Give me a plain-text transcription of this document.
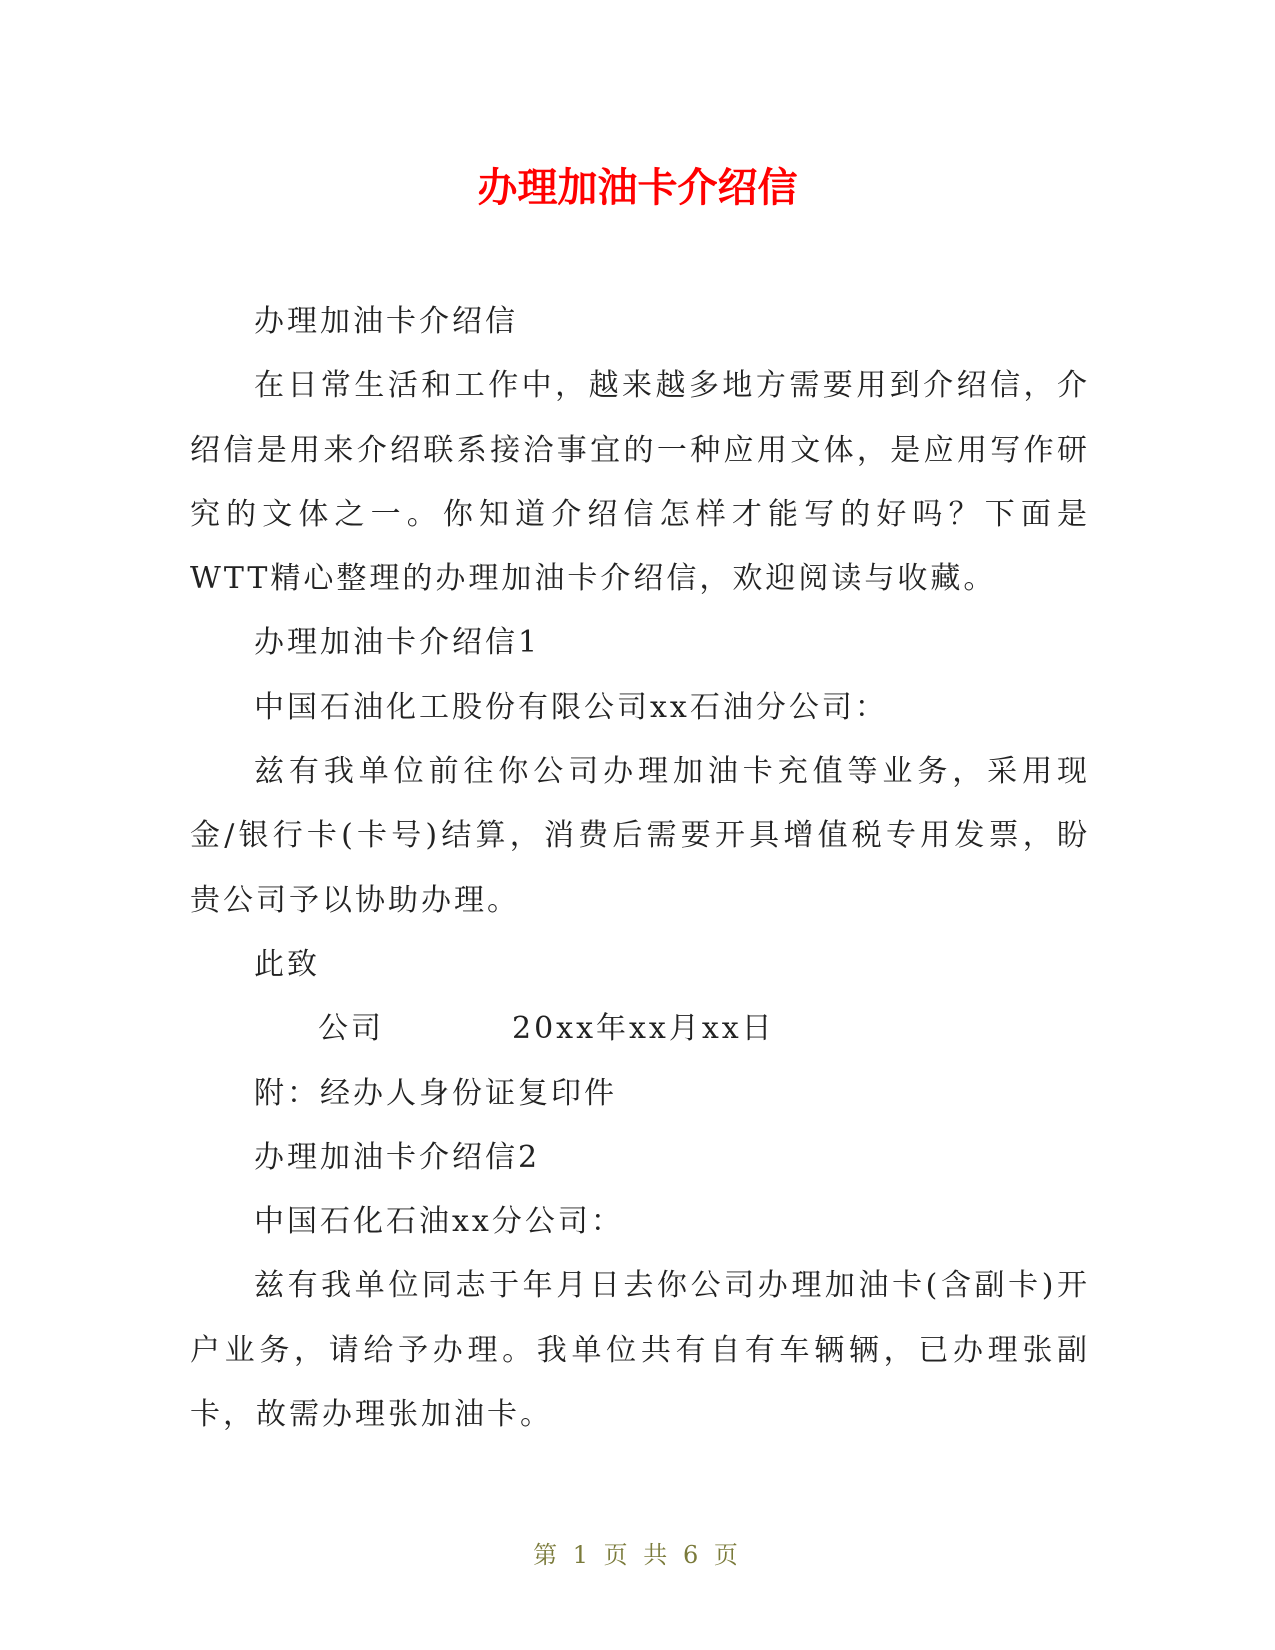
办理加油卡介绍信

办理加油卡介绍信

在日常生活和工作中，越来越多地方需要用到介绍信，介绍信是用来介绍联系接洽事宜的一种应用文体，是应用写作研究的文体之一。你知道介绍信怎样才能写的好吗？下面是WTT精心整理的办理加油卡介绍信，欢迎阅读与收藏。

办理加油卡介绍信1

中国石油化工股份有限公司xx石油分公司：

兹有我单位前往你公司办理加油卡充值等业务，采用现金/银行卡(卡号)结算，消费后需要开具增值税专用发票，盼贵公司予以协助办理。

此致

公司	20xx年xx月xx日附：经办人身份证复印件

办理加油卡介绍信2

中国石化石油xx分公司：

兹有我单位同志于年月日去你公司办理加油卡(含副卡)开户业务，请给予办理。我单位共有自有车辆辆，已办理张副卡，故需办理张加油卡。

第 1 页 共 6 页
